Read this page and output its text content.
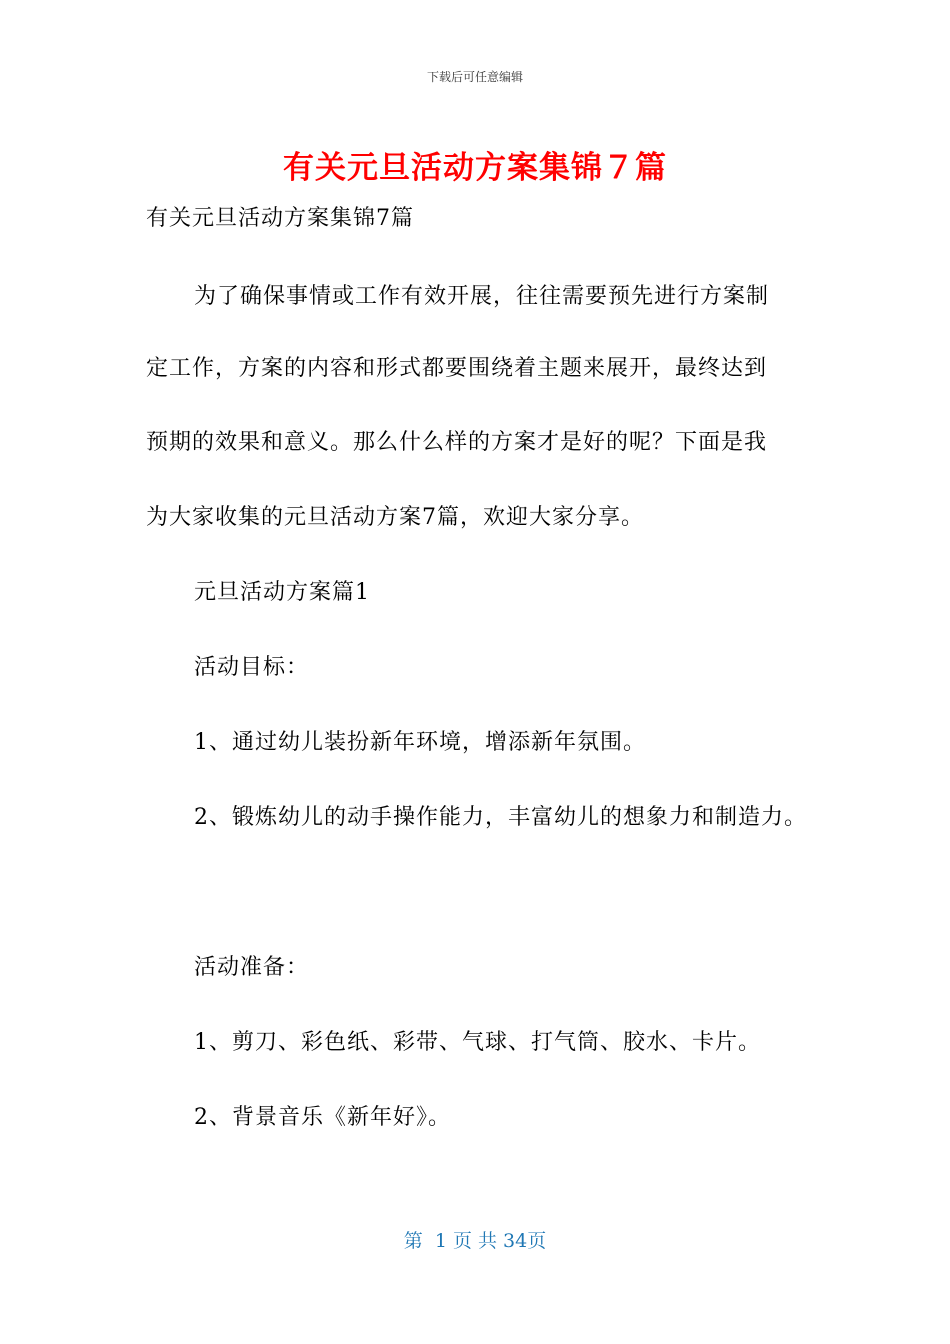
下载后可任意编辑
有关元旦活动方案集锦７篇
有关元旦活动方案集锦7篇
为了确保事情或工作有效开展，往往需要预先进行方案制
定工作，方案的内容和形式都要围绕着主题来展开，最终达到
预期的效果和意义。那么什么样的方案才是好的呢？下面是我
为大家收集的元旦活动方案7篇，欢迎大家分享。
元旦活动方案篇1
活动目标：
1、通过幼儿装扮新年环境，增添新年氛围。
2、锻炼幼儿的动手操作能力，丰富幼儿的想象力和制造力。
活动准备：
1、剪刀、彩色纸、彩带、气球、打气筒、胶水、卡片。
2、背景音乐《新年好》。
第  1 页 共 34页
